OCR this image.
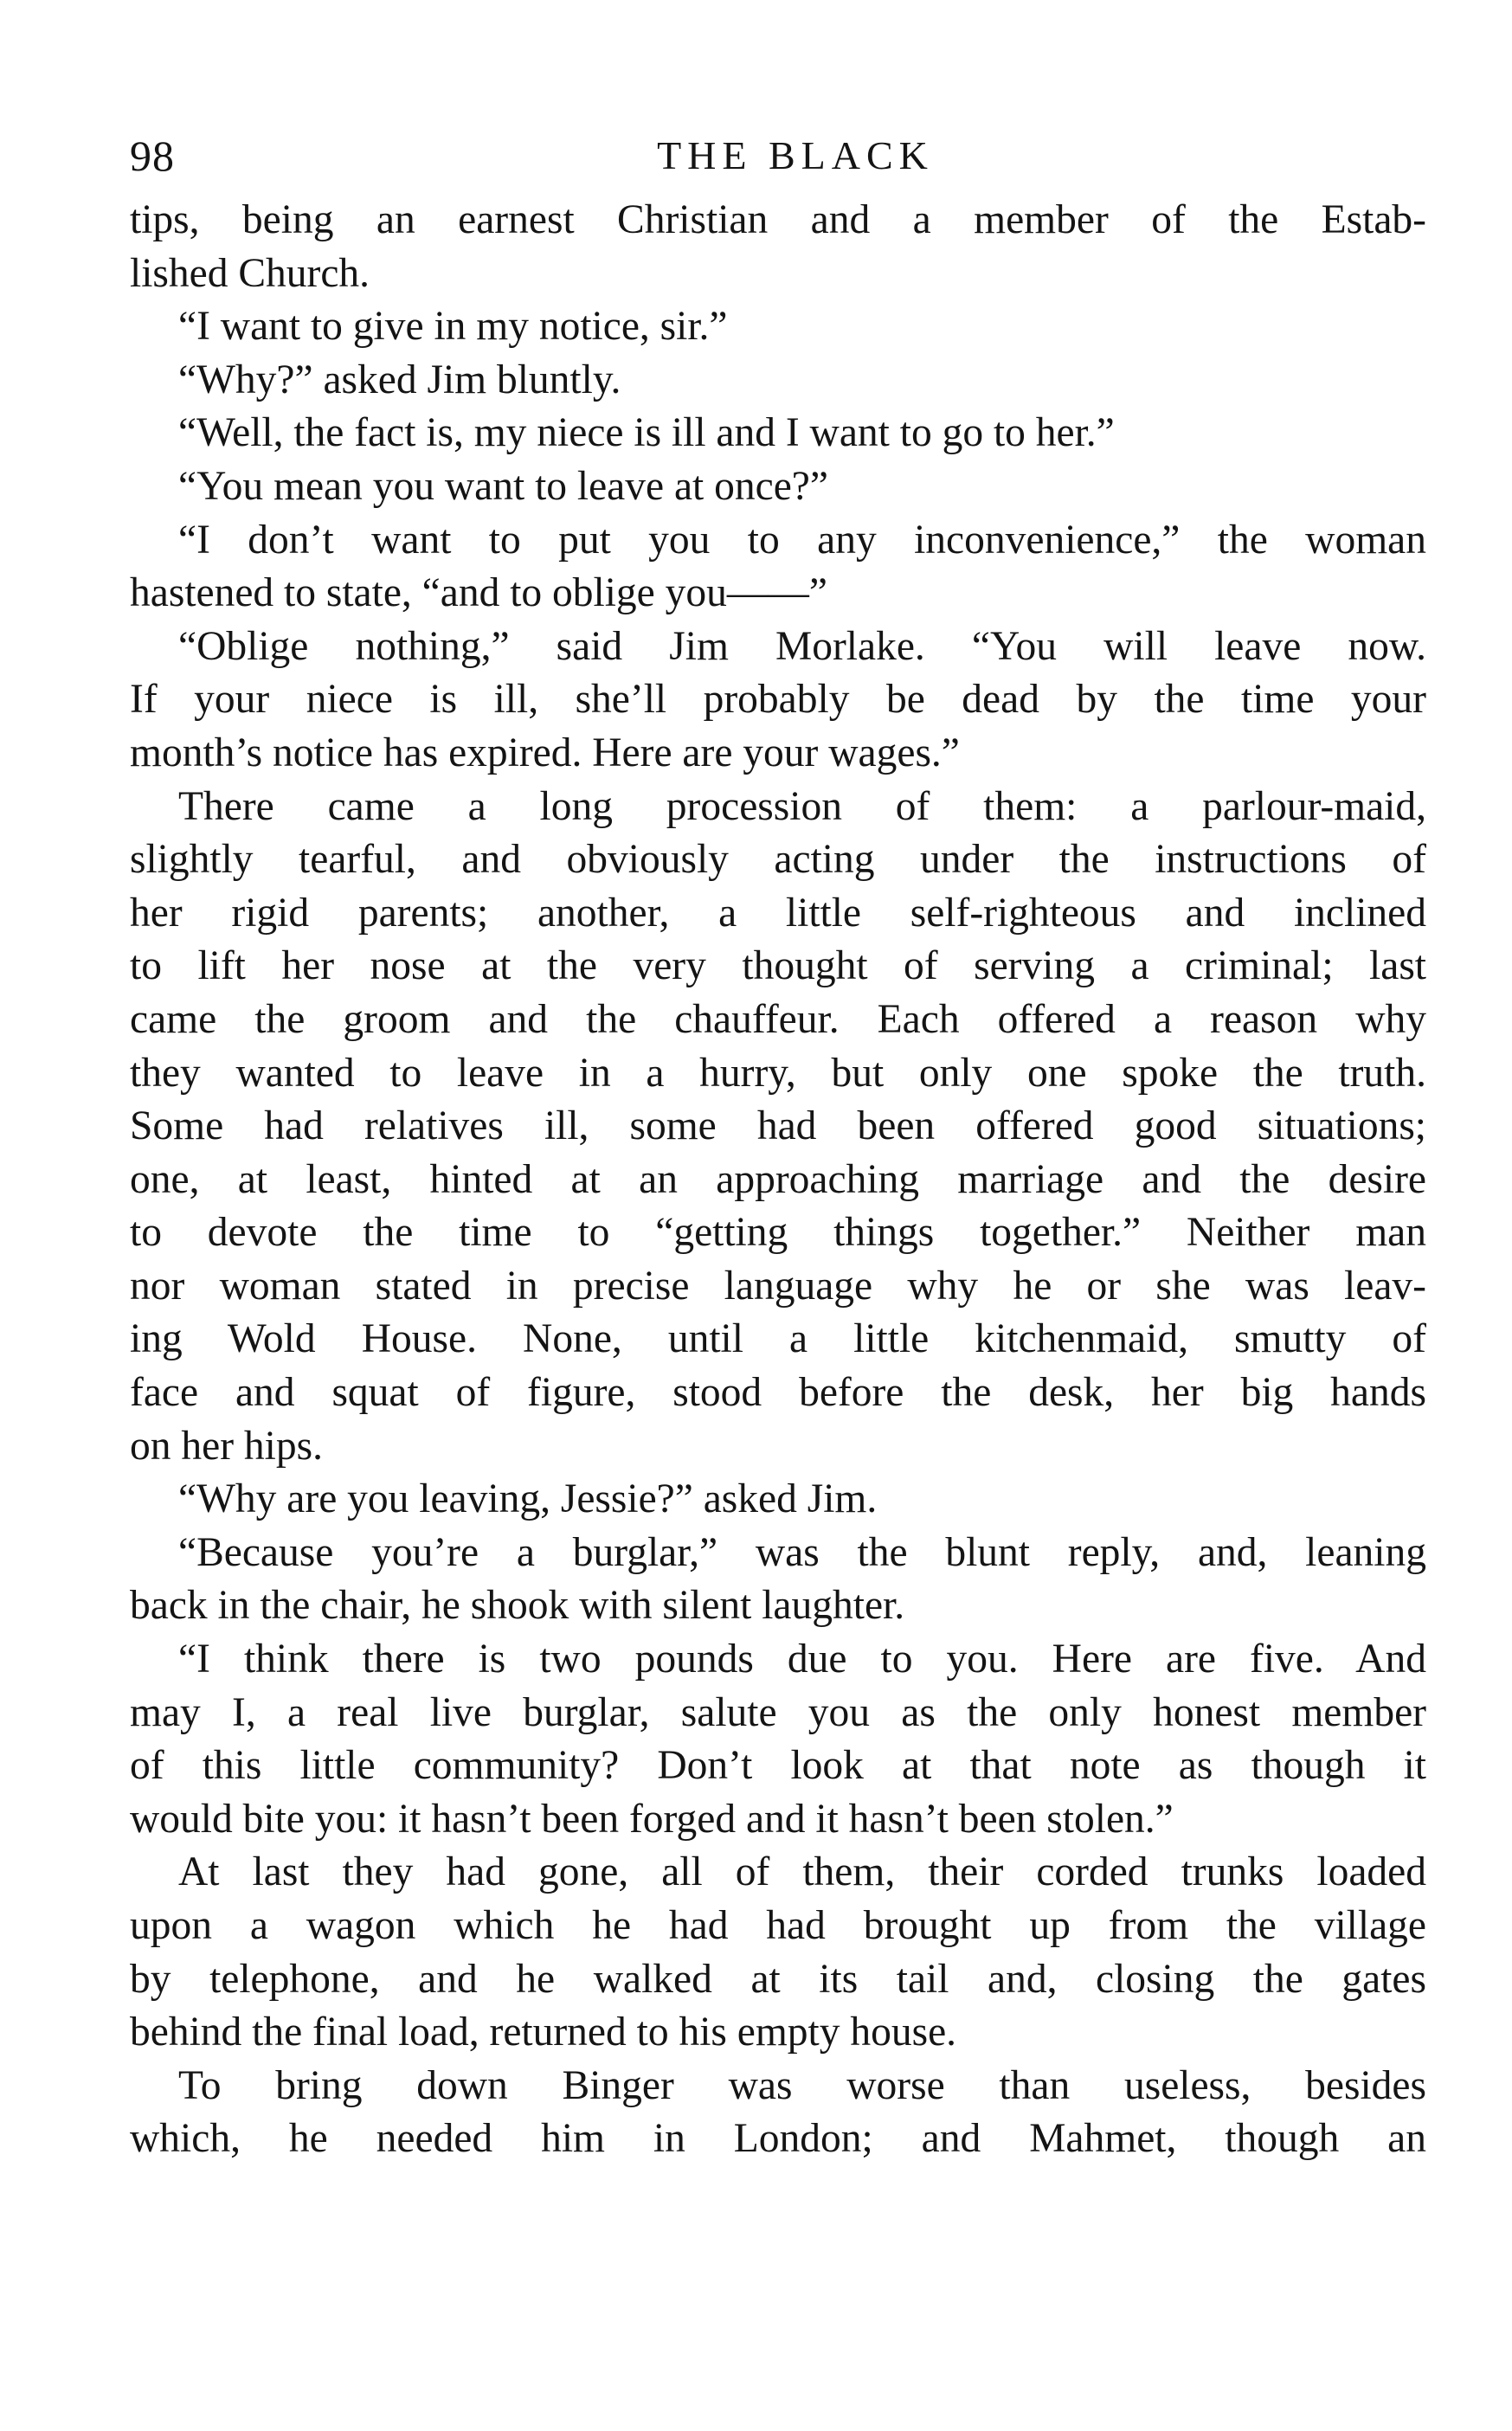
98	THE BLACK
tips, being an earnest Christian and a member of the Estab-
lished Church.
“I want to give in my notice, sir.”
“Why?” asked Jim bluntly.
“Well, the fact is, my niece is ill and I want to go to her.”
“You mean you want to leave at once?”
“I don’t want to put you to any inconvenience,” the woman
hastened to state, “and to oblige you——”
“Oblige nothing,” said Jim Morlake. “You will leave now.
If your niece is ill, she’ll probably be dead by the time your
month’s notice has expired. Here are your wages.”
There came a long procession of them: a parlour-maid,
slightly tearful, and obviously acting under the instructions of
her rigid parents; another, a little self-righteous and inclined
to lift her nose at the very thought of serving a criminal; last
came the groom and the chauffeur. Each offered a reason why
they wanted to leave in a hurry, but only one spoke the truth.
Some had relatives ill, some had been offered good situations;
one, at least, hinted at an approaching marriage and the desire
to devote the time to “getting things together.” Neither man
nor woman stated in precise language why he or she was leav-
ing Wold House. None, until a little kitchenmaid, smutty of
face and squat of figure, stood before the desk, her big hands
on her hips.
“Why are you leaving, Jessie?” asked Jim.
“Because you’re a burglar,” was the blunt reply, and, leaning
back in the chair, he shook with silent laughter.
“I think there is two pounds due to you. Here are five. And
may I, a real live burglar, salute you as the only honest member
of this little community? Don’t look at that note as though it
would bite you: it hasn’t been forged and it hasn’t been stolen.”
At last they had gone, all of them, their corded trunks loaded
upon a wagon which he had had brought up from the village
by telephone, and he walked at its tail and, closing the gates
behind the final load, returned to his empty house.
To bring down Binger was worse than useless, besides
which, he needed him in London; and Mahmet, though an
